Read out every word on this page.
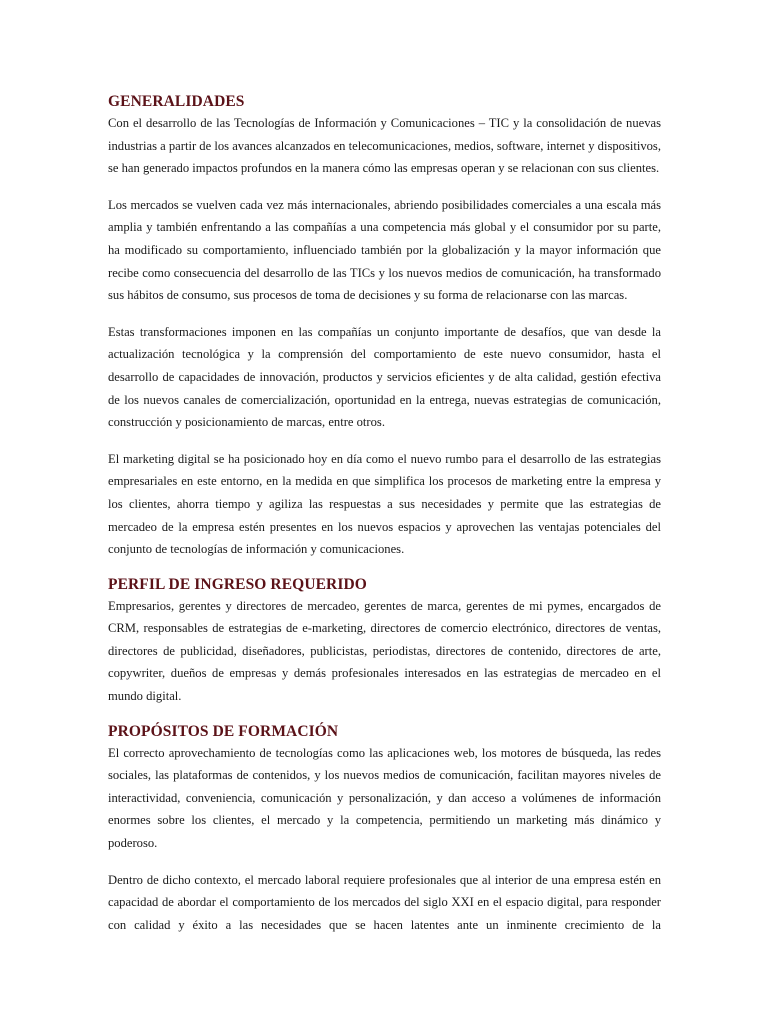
GENERALIDADES

Con el desarrollo de las Tecnologías de Información y Comunicaciones – TIC y la consolidación de nuevas industrias a partir de los avances alcanzados en telecomunicaciones, medios, software, internet y dispositivos, se han generado impactos profundos en la manera cómo las empresas operan y se relacionan con sus clientes.

Los mercados se vuelven cada vez más internacionales, abriendo posibilidades comerciales a una escala más amplia y también enfrentando a las compañías a una competencia más global y el consumidor por su parte, ha modificado su comportamiento, influenciado también por la globalización y la mayor información que recibe como consecuencia del desarrollo de las TICs y los nuevos medios de comunicación, ha transformado sus hábitos de consumo, sus procesos de toma de decisiones y su forma de relacionarse con las marcas.

Estas transformaciones imponen en las compañías un conjunto importante de desafíos, que van desde la actualización tecnológica y la comprensión del comportamiento de este nuevo consumidor, hasta el desarrollo de capacidades de innovación, productos y servicios eficientes y de alta calidad, gestión efectiva de los nuevos canales de comercialización, oportunidad en la entrega, nuevas estrategias de comunicación, construcción y posicionamiento de marcas, entre otros.

El marketing digital se ha posicionado hoy en día como el nuevo rumbo para el desarrollo de las estrategias empresariales en este entorno, en la medida en que simplifica los procesos de marketing entre la empresa y los clientes, ahorra tiempo y agiliza las respuestas a sus necesidades y permite que las estrategias de mercadeo de la empresa estén presentes en los nuevos espacios y aprovechen las ventajas potenciales del conjunto de tecnologías de información y comunicaciones.

PERFIL DE INGRESO REQUERIDO

Empresarios, gerentes y directores de mercadeo, gerentes de marca, gerentes de mi pymes, encargados de CRM, responsables de estrategias de e-marketing, directores de comercio electrónico, directores de ventas, directores de publicidad, diseñadores, publicistas, periodistas, directores de contenido, directores de arte, copywriter, dueños de empresas y demás profesionales interesados en las estrategias de mercadeo en el mundo digital.

PROPÓSITOS DE FORMACIÓN

El correcto aprovechamiento de tecnologías como las aplicaciones web, los motores de búsqueda, las redes sociales, las plataformas de contenidos, y los nuevos medios de comunicación, facilitan mayores niveles de interactividad, conveniencia, comunicación y personalización, y dan acceso a volúmenes de información enormes sobre los clientes, el mercado y la competencia, permitiendo un marketing más dinámico y poderoso.

Dentro de dicho contexto, el mercado laboral requiere profesionales que al interior de una empresa estén en capacidad de abordar el comportamiento de los mercados del siglo XXI en el espacio digital, para responder con calidad y éxito a las necesidades que se hacen latentes ante un inminente crecimiento de la
